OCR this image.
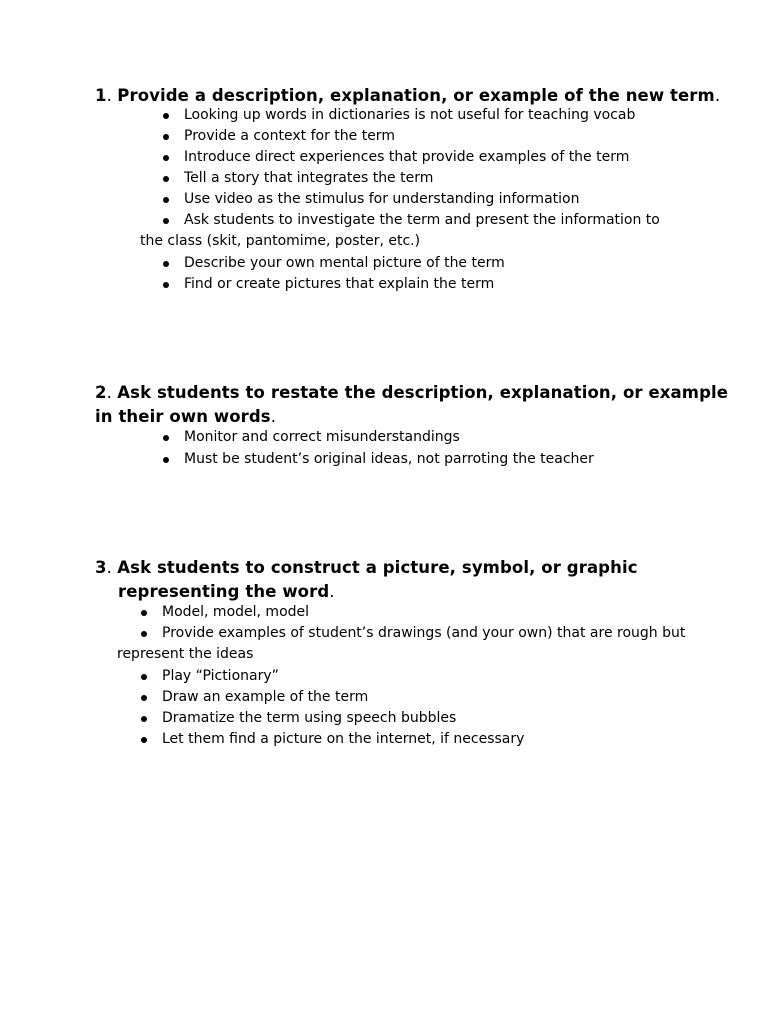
1. Provide a description, explanation, or example of the new term.
Looking up words in dictionaries is not useful for teaching vocab
Provide a context for the term
Introduce direct experiences that provide examples of the term
Tell a story that integrates the term
Use video as the stimulus for understanding information
Ask students to investigate the term and present the information to
the class (skit, pantomime, poster, etc.)
Describe your own mental picture of the term
Find or create pictures that explain the term
2. Ask students to restate the description, explanation, or example
in their own words.
Monitor and correct misunderstandings
Must be student’s original ideas, not parroting the teacher
3. Ask students to construct a picture, symbol, or graphic
representing the word.
Model, model, model
Provide examples of student’s drawings (and your own) that are rough but
represent the ideas
Play “Pictionary”
Draw an example of the term
Dramatize the term using speech bubbles
Let them find a picture on the internet, if necessary
